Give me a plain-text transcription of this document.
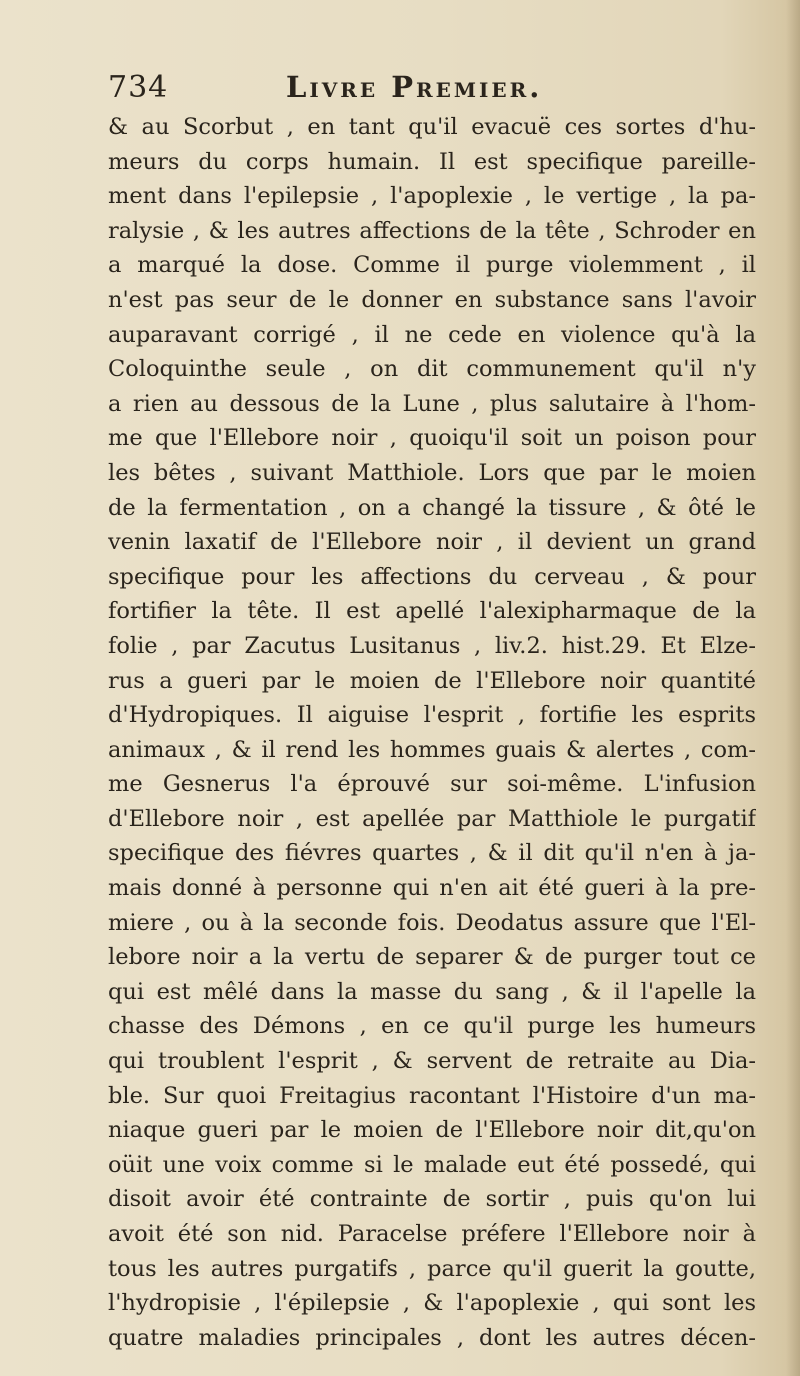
734	Livre Premier.
& au Scorbut , en tant qu'il evacuë ces sortes d'hu-
meurs du corps humain. Il est specifique pareille-
ment dans l'epilepsie , l'apoplexie , le vertige , la pa-
ralysie , & les autres affections de la tête , Schroder en
a marqué la dose. Comme il purge violemment , il
n'est pas seur de le donner en substance sans l'avoir
auparavant corrigé , il ne cede en violence qu'à la
Coloquinthe seule , on dit communement qu'il n'y
a rien au dessous de la Lune , plus salutaire à l'hom-
me que l'Ellebore noir , quoiqu'il soit un poison pour
les bêtes , suivant Matthiole. Lors que par le moien
de la fermentation , on a changé la tissure , & ôté le
venin laxatif de l'Ellebore noir , il devient un grand
specifique pour les affections du cerveau , & pour
fortifier la tête. Il est apellé l'alexipharmaque de la
folie , par Zacutus Lusitanus , liv.2. hist.29. Et Elze-
rus a gueri par le moien de l'Ellebore noir quantité
d'Hydropiques. Il aiguise l'esprit , fortifie les esprits
animaux , & il rend les hommes guais & alertes , com-
me Gesnerus l'a éprouvé sur soi-même. L'infusion
d'Ellebore noir , est apellée par Matthiole le purgatif
specifique des fiévres quartes , & il dit qu'il n'en à ja-
mais donné à personne qui n'en ait été gueri à la pre-
miere , ou à la seconde fois. Deodatus assure que l'El-
lebore noir a la vertu de separer & de purger tout ce
qui est mêlé dans la masse du sang , & il l'apelle la
chasse des Démons , en ce qu'il purge les humeurs
qui troublent l'esprit , & servent de retraite au Dia-
ble. Sur quoi Freitagius racontant l'Histoire d'un ma-
niaque gueri par le moien de l'Ellebore noir dit,qu'on
oüit une voix comme si le malade eut été possedé, qui
disoit avoir été contrainte de sortir , puis qu'on lui
avoit été son nid. Paracelse préfere l'Ellebore noir à
tous les autres purgatifs , parce qu'il guerit la goutte,
l'hydropisie , l'épilepsie , & l'apoplexie , qui sont les
quatre maladies principales , dont les autres décen-
